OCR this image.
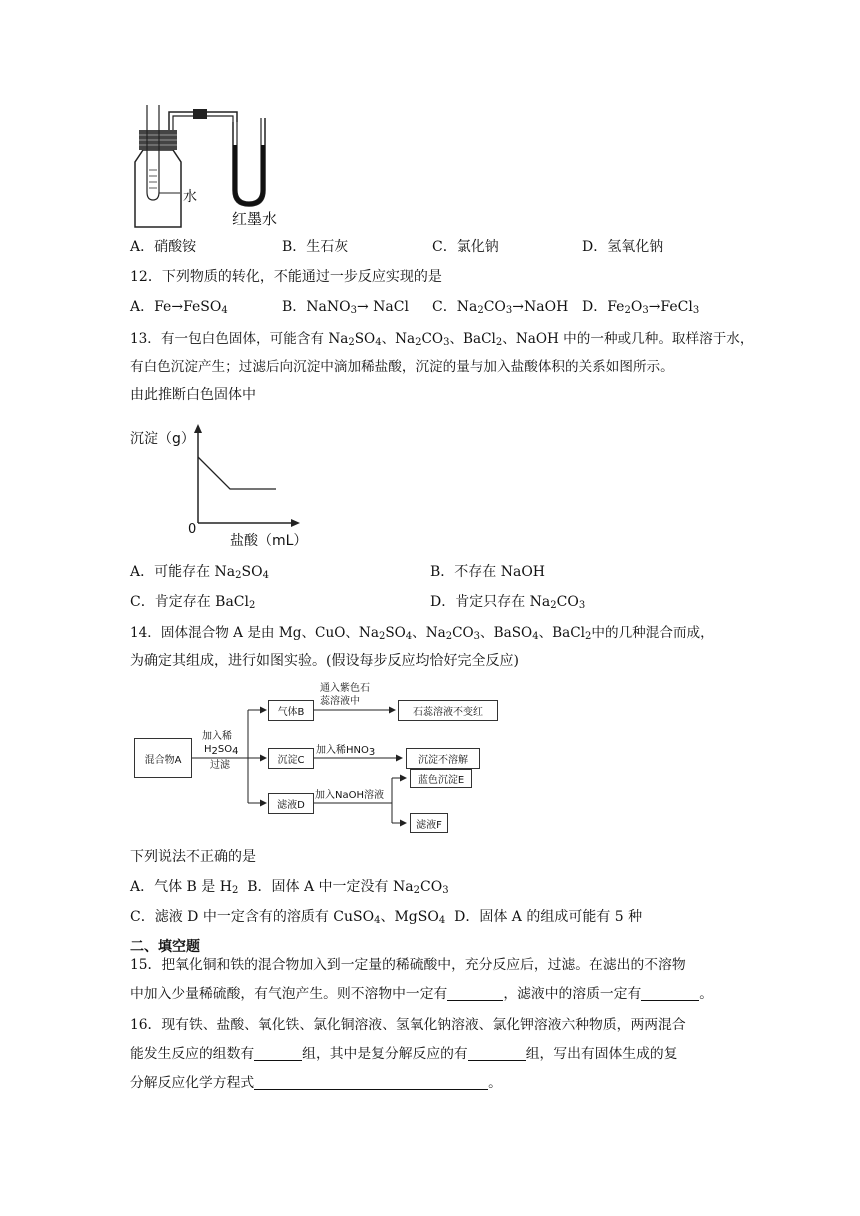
水
红墨水
A．硝酸铵	B．生石灰	C．氯化钠	D．氢氧化钠
12．下列物质的转化，不能通过一步反应实现的是
A．Fe→FeSO$_4$	B．NaNO$_3$→ NaCl C．$Na_2CO_3\to NaOH$ D．$Fe_2O_3\to FeCl_3$
13．有一包白色固体，可能含有 $Na_2SO_4$、$Na_2CO_3$、BaCl$_2$、NaOH 中的一种或几种。取样溶于水，
有白色沉淀产生；过滤后向沉淀中滴加稀盐酸，沉淀的量与加入盐酸体积的关系如图所示。
由此推断白色固体中
沉淀（g）
0
盐酸（mL）
A．可能存在 $Na_2SO_4$	B．不存在 NaOH
C．肯定存在 BaCl$_2$	D．肯定只存在 $Na_2CO_3$
14．固体混合物 A 是由 Mg、CuO、$Na_2SO_4$、$Na_2CO_3$、BaSO$_4$、BaCl$_2$中的几种混合而成，
为确定其组成，进行如图实验。(假设每步反应均恰好完全反应)
混合物A
加入稀
$H_2SO_4$
过滤
气体B
沉淀C
滤液D
通入紫色石
蕊溶液中
石蕊溶液不变红
加入稀$HNO_3$
沉淀不溶解
加入NaOH溶液
蓝色沉淀E
滤液F
下列说法不正确的是
A．气体 B 是 $H_2$ B．固体 A 中一定没有 $Na_2CO_3$
C．滤液 D 中一定含有的溶质有 CuSO$_4$、MgSO$_4$ D．固体 A 的组成可能有 5 种
二、填空题
15．把氧化铜和铁的混合物加入到一定量的稀硫酸中，充分反应后，过滤。在滤出的不溶物
中加入少量稀硫酸，有气泡产生。则不溶物中一定有	，滤液中的溶质一定有	。
16．现有铁、盐酸、氧化铁、氯化铜溶液、氢氧化钠溶液、氯化钾溶液六种物质，两两混合
能发生反应的组数有	组，其中是复分解反应的有	组，写出有固体生成的复
分解反应化学方程式	。
